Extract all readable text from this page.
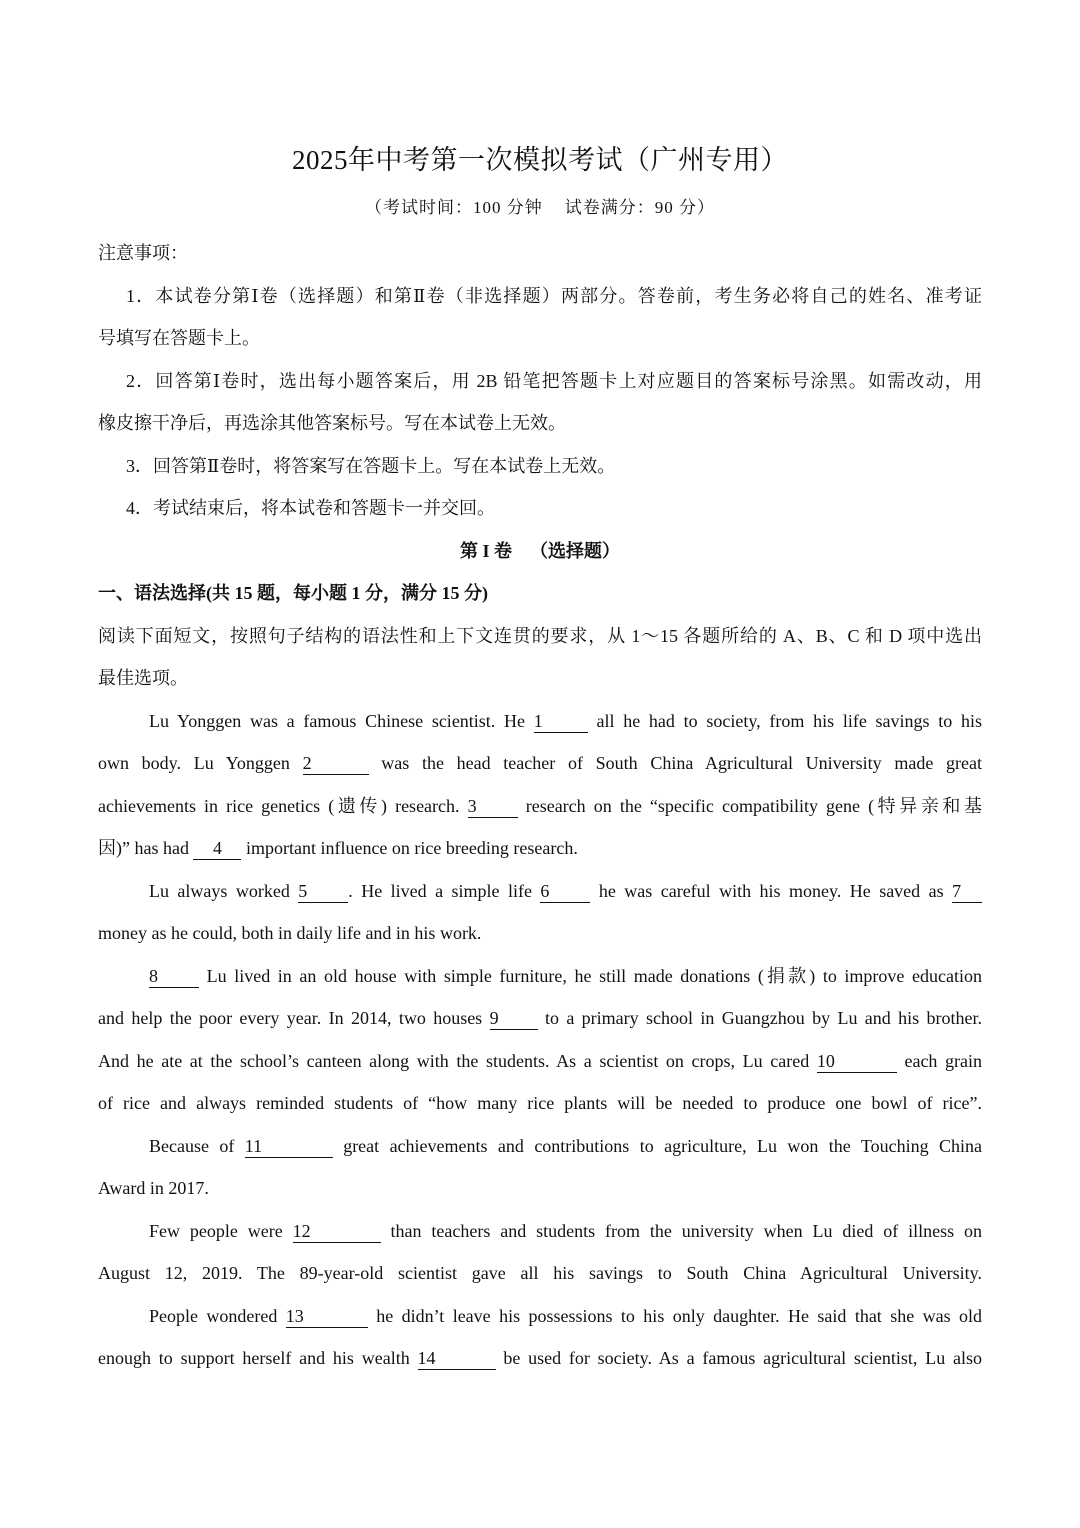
2025年中考第一次模拟考试（广州专用）
（考试时间：100 分钟 试卷满分：90 分）
注意事项：
1．本试卷分第Ⅰ卷（选择题）和第Ⅱ卷（非选择题）两部分。答卷前，考生务必将自己的姓名、准考证
号填写在答题卡上。
2．回答第Ⅰ卷时，选出每小题答案后，用 2B 铅笔把答题卡上对应题目的答案标号涂黑。如需改动，用
橡皮擦干净后，再选涂其他答案标号。写在本试卷上无效。
3．回答第Ⅱ卷时，将答案写在答题卡上。写在本试卷上无效。
4．考试结束后，将本试卷和答题卡一并交回。
第 I 卷 （选择题）
一、语法选择(共 15 题，每小题 1 分，满分 15 分)
阅读下面短文，按照句子结构的语法性和上下文连贯的要求，从 1～15 各题所给的 A、B、C 和 D 项中选出
最佳选项。
Lu Yonggen was a famous Chinese scientist. He 1	all he had to society, from his life savings to his
own body. Lu Yonggen 2	was the head teacher of South China Agricultural University made great
achievements in rice genetics (遗传) research. 3	research on the “specific compatibility gene (特异亲和基
因)” has had 4 important influence on rice breeding research.
Lu always worked 5 . He lived a simple life 6	he was careful with his money. He saved as 7
money as he could, both in daily life and in his work.
8	Lu lived in an old house with simple furniture, he still made donations (捐款) to improve education
and help the poor every year. In 2014, two houses 9	to a primary school in Guangzhou by Lu and his brother.
And he ate at the school’s canteen along with the students. As a scientist on crops, Lu cared 10	each grain
of rice and always reminded students of “how many rice plants will be needed to produce one bowl of rice”.
Because of 11	great achievements and contributions to agriculture, Lu won the Touching China
Award in 2017.
Few people were 12	than teachers and students from the university when Lu died of illness on
August 12, 2019. The 89-year-old scientist gave all his savings to South China Agricultural University.
People wondered 13	he didn’t leave his possessions to his only daughter. He said that she was old
enough to support herself and his wealth 14	be used for society. As a famous agricultural scientist, Lu also
